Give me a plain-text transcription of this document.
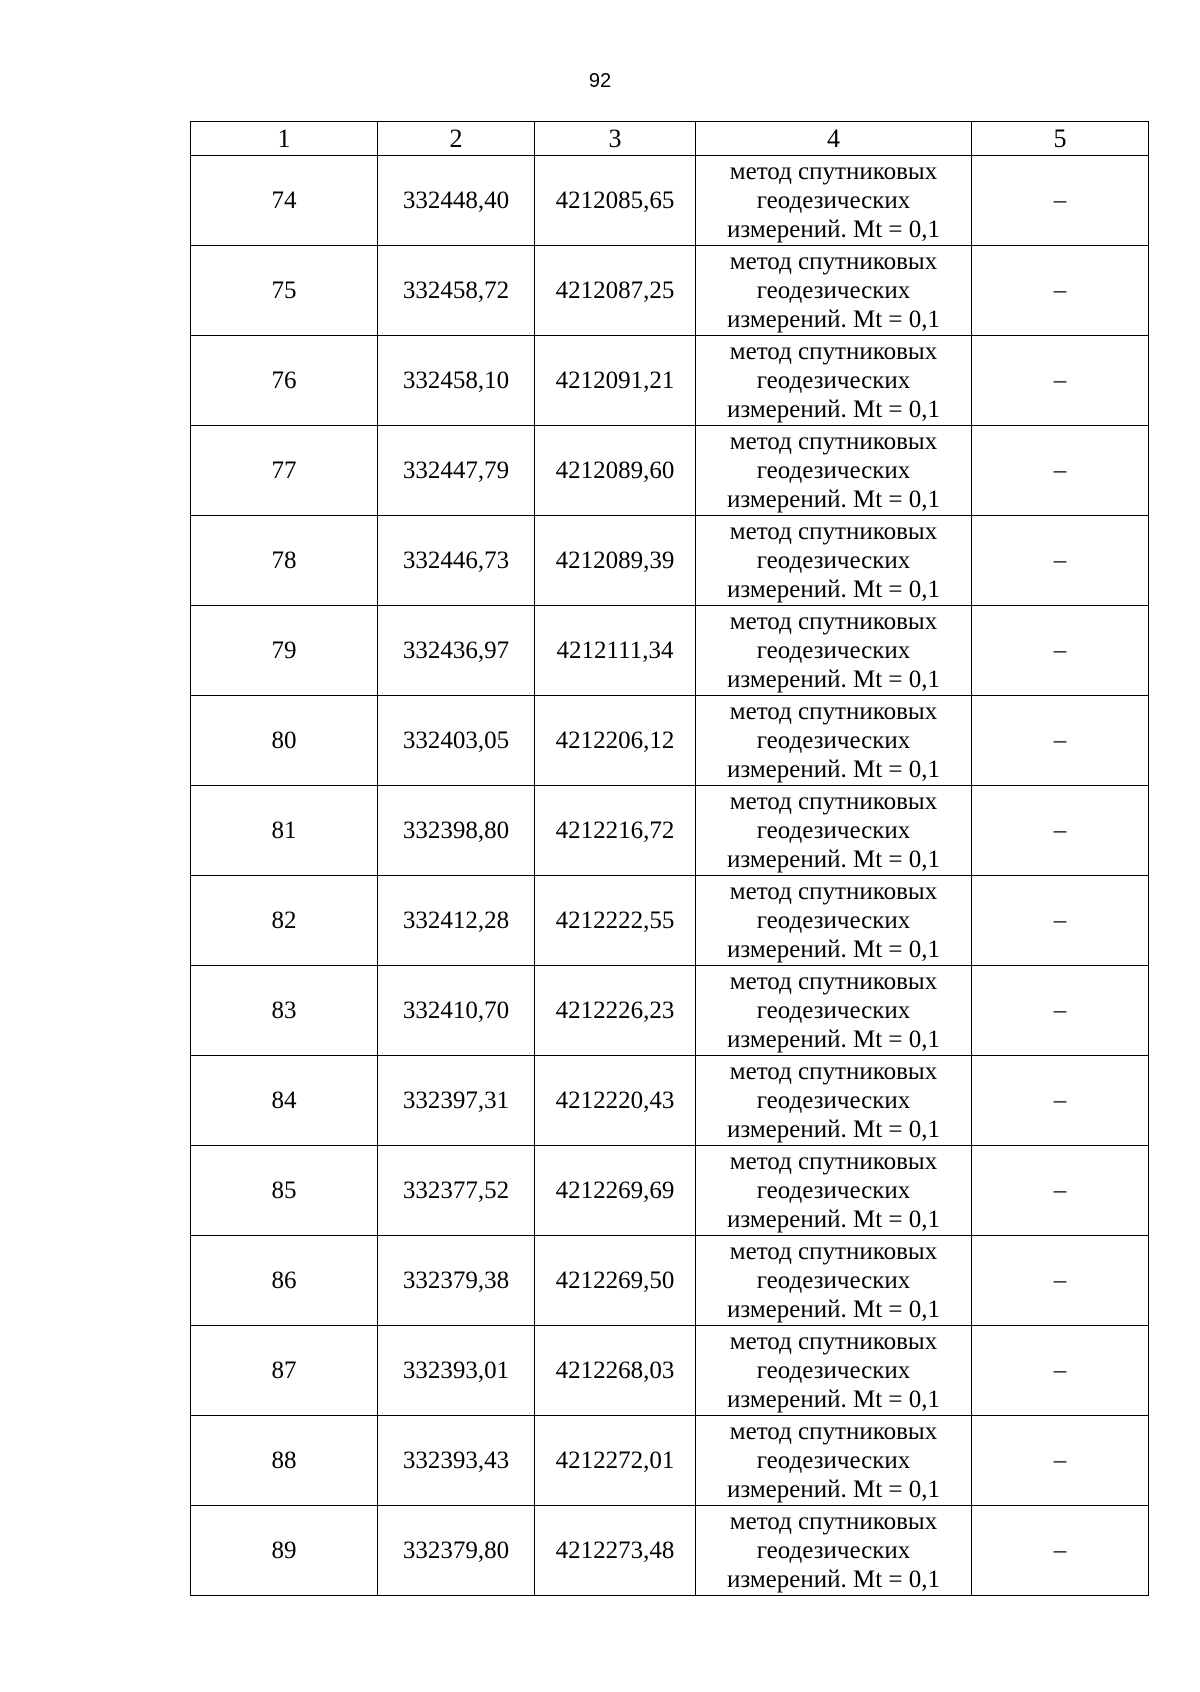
92
1	2	3	4	5
74	332448,40	4212085,65	метод спутниковых
геодезических
измерений. Mt = 0,1	–
75	332458,72	4212087,25	метод спутниковых
геодезических
измерений. Mt = 0,1	–
76	332458,10	4212091,21	метод спутниковых
геодезических
измерений. Mt = 0,1	–
77	332447,79	4212089,60	метод спутниковых
геодезических
измерений. Mt = 0,1	–
78	332446,73	4212089,39	метод спутниковых
геодезических
измерений. Mt = 0,1	–
79	332436,97	4212111,34	метод спутниковых
геодезических
измерений. Mt = 0,1	–
80	332403,05	4212206,12	метод спутниковых
геодезических
измерений. Mt = 0,1	–
81	332398,80	4212216,72	метод спутниковых
геодезических
измерений. Mt = 0,1	–
82	332412,28	4212222,55	метод спутниковых
геодезических
измерений. Mt = 0,1	–
83	332410,70	4212226,23	метод спутниковых
геодезических
измерений. Mt = 0,1	–
84	332397,31	4212220,43	метод спутниковых
геодезических
измерений. Mt = 0,1	–
85	332377,52	4212269,69	метод спутниковых
геодезических
измерений. Mt = 0,1	–
86	332379,38	4212269,50	метод спутниковых
геодезических
измерений. Mt = 0,1	–
87	332393,01	4212268,03	метод спутниковых
геодезических
измерений. Mt = 0,1	–
88	332393,43	4212272,01	метод спутниковых
геодезических
измерений. Mt = 0,1	–
89	332379,80	4212273,48	метод спутниковых
геодезических
измерений. Mt = 0,1	–
